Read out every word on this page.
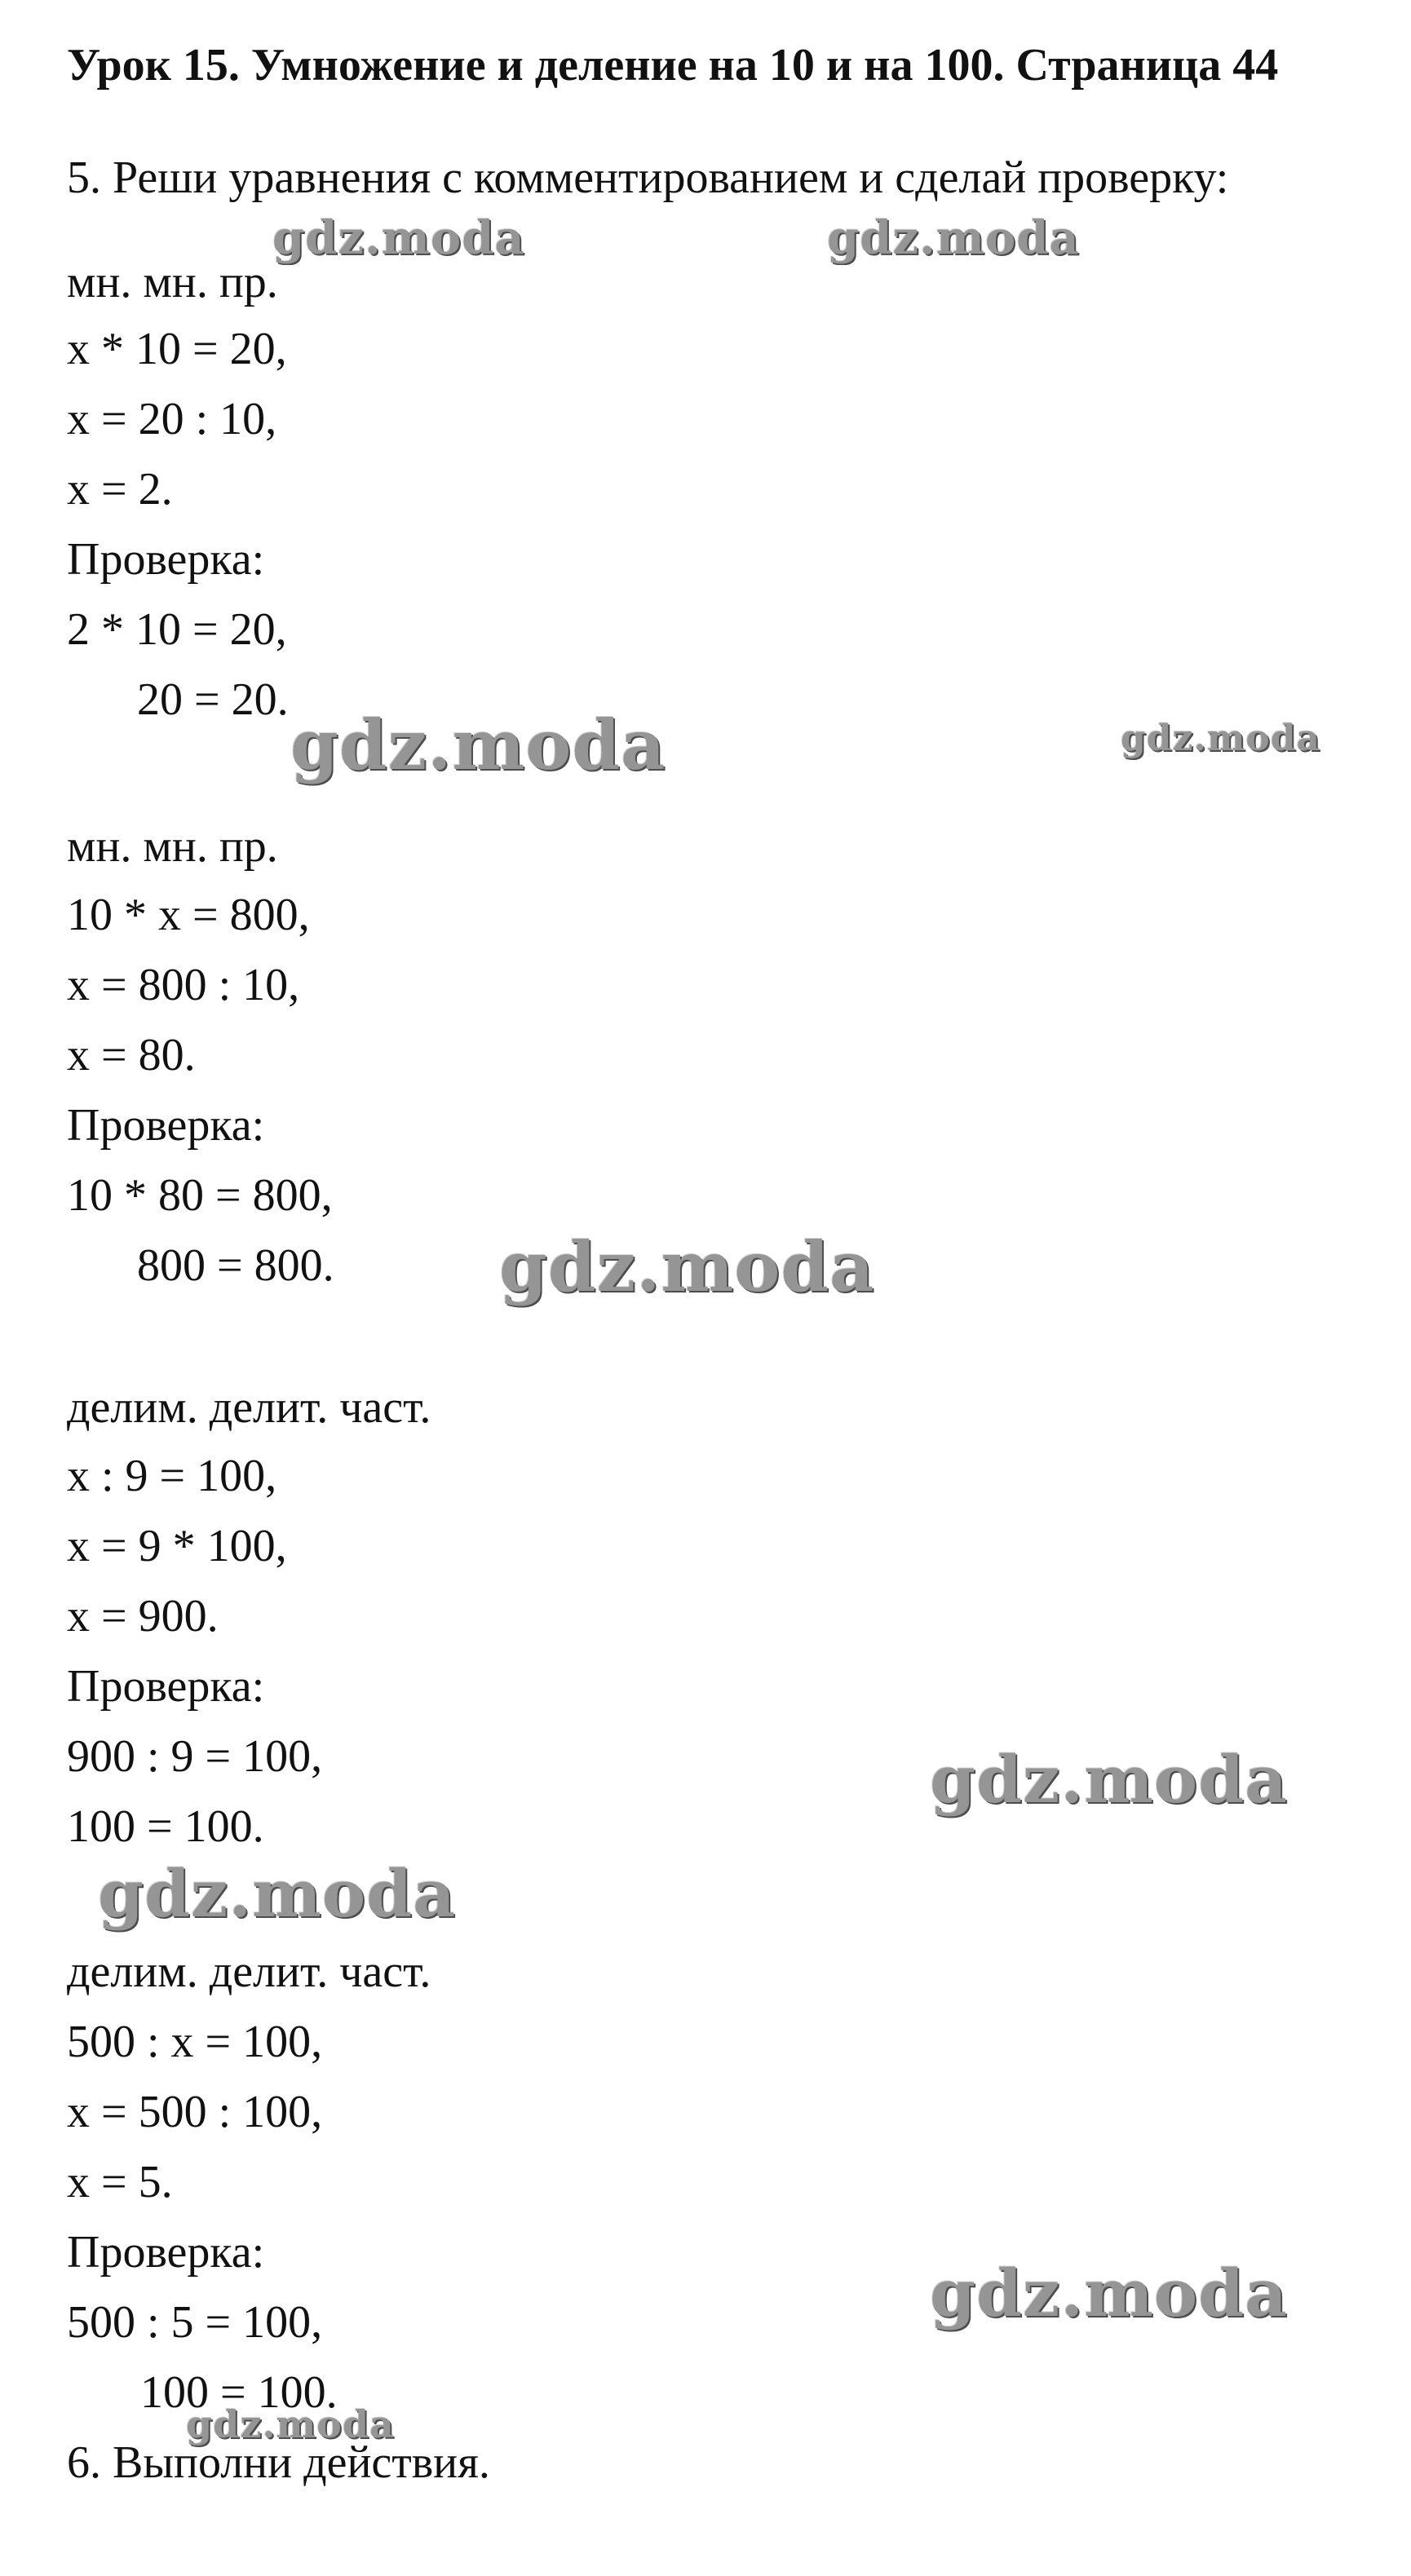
Урок 15. Умножение и деление на 10 и на 100. Страница 44
5. Реши уравнения с комментированием и сделай проверку:
мн. мн. пр.
x * 10 = 20,
x = 20 : 10,
x = 2.
Проверка:
2 * 10 = 20,
20 = 20.
мн. мн. пр.
10 * x = 800,
x = 800 : 10,
x = 80.
Проверка:
10 * 80 = 800,
800 = 800.
делим. делит. част.
x : 9 = 100,
x = 9 * 100,
x = 900.
Проверка:
900 : 9 = 100,
100 = 100.
делим. делит. част.
500 : x = 100,
x = 500 : 100,
x = 5.
Проверка:
500 : 5 = 100,
100 = 100.
6. Выполни действия.
gdz.moda	gdz.moda
gdz.moda	gdz.moda
gdz.moda
gdz.moda
gdz.moda
gdz.moda
gdz.moda
